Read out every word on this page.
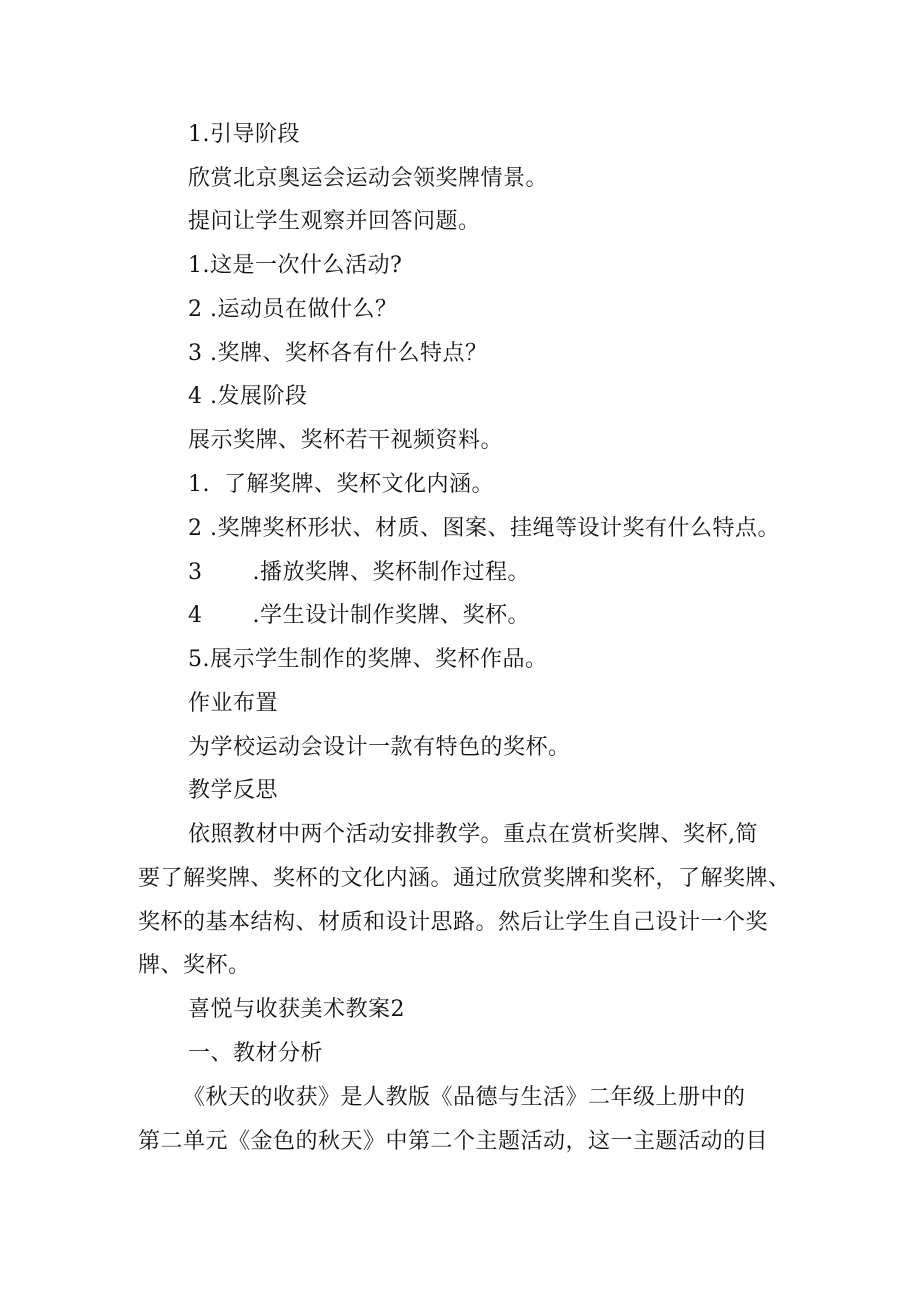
1.引导阶段
欣赏北京奥运会运动会领奖牌情景。
提问让学生观察并回答问题。
1.这是一次什么活动?
2 .运动员在做什么？
3 .奖牌、奖杯各有什么特点？
4 .发展阶段
展示奖牌、奖杯若干视频资料。
1. 了解奖牌、奖杯文化内涵。
2 .奖牌奖杯形状、材质、图案、挂绳等设计奖有什么特点。
3 .播放奖牌、奖杯制作过程。
4 .学生设计制作奖牌、奖杯。
5.展示学生制作的奖牌、奖杯作品。
作业布置
为学校运动会设计一款有特色的奖杯。
教学反思
依照教材中两个活动安排教学。重点在赏析奖牌、奖杯,简
要了解奖牌、奖杯的文化内涵。通过欣赏奖牌和奖杯，了解奖牌、
奖杯的基本结构、材质和设计思路。然后让学生自己设计一个奖
牌、奖杯。
喜悦与收获美术教案2
一、教材分析
《秋天的收获》是人教版《品德与生活》二年级上册中的
第二单元《金色的秋天》中第二个主题活动，这一主题活动的目
